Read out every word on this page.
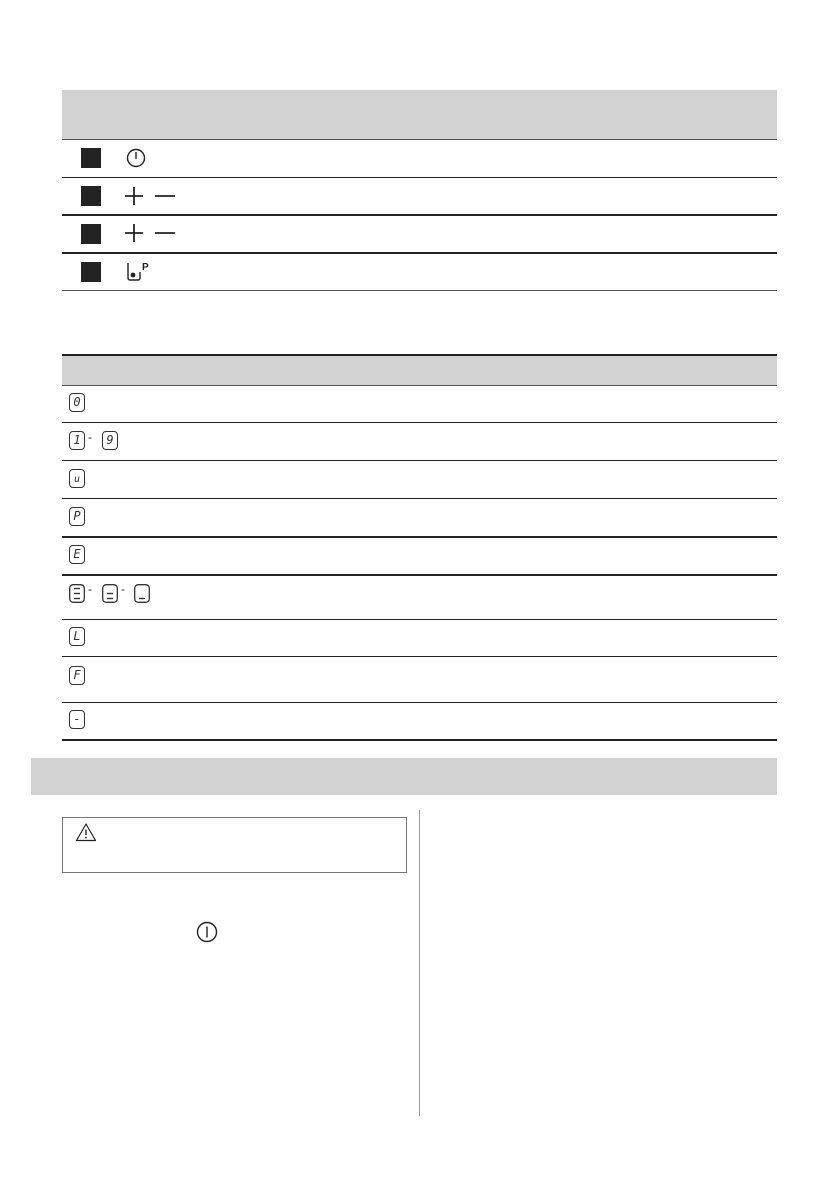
P
0
1 - 9
u
P
E
- -
L
F
-
